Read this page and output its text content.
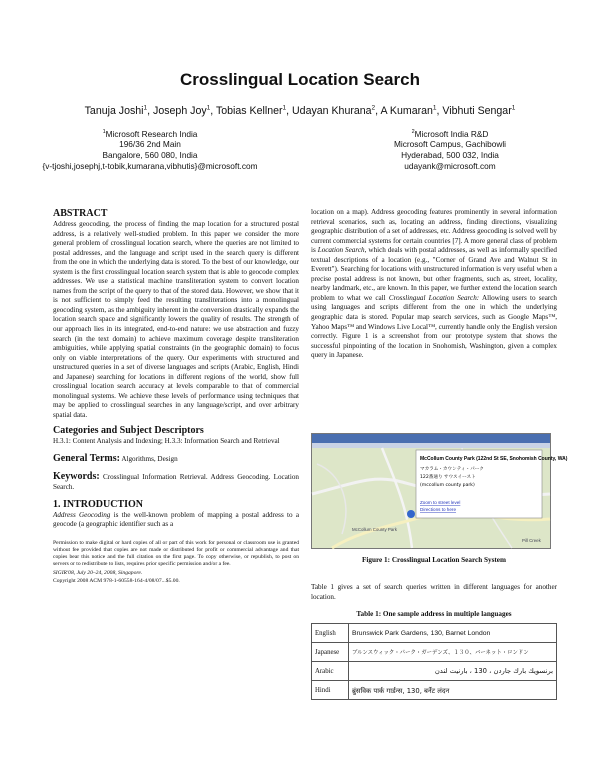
Crosslingual Location Search
Tanuja Joshi$^1$, Joseph Joy$^1$, Tobias Kellner$^1$, Udayan Khurana$^2$, A Kumaran$^1$, Vibhuti Sengar$^1$
$^1$Microsoft Research India
196/36 2nd Main
Bangalore, 560 080, India
{v-tjoshi,josephj,t-tobik,kumarana,vibhutis}@microsoft.com
$^2$Microsoft India R&D
Microsoft Campus, Gachibowli
Hyderabad, 500 032, India
udayank@microsoft.com
ABSTRACT

Address geocoding, the process of finding the map location for a structured postal address, is a relatively well-studied problem. In this paper we consider the more general problem of crosslingual location search, where the queries are not limited to postal addresses, and the language and script used in the search query is different from the one in which the underlying data is stored. To the best of our knowledge, our system is the first crosslingual location search system that is able to geocode complex addresses. We use a statistical machine transliteration system to convert location names from the script of the query to that of the stored data. However, we show that it is not sufficient to simply feed the resulting transliterations into a monolingual geocoding system, as the ambiguity inherent in the conversion drastically expands the location search space and significantly lowers the quality of results. The strength of our approach lies in its integrated, end-to-end nature: we use abstraction and fuzzy search (in the text domain) to achieve maximum coverage despite transliteration ambiguities, while applying spatial constraints (in the geographic domain) to focus only on viable interpretations of the query. Our experiments with structured and unstructured queries in a set of diverse languages and scripts (Arabic, English, Hindi and Japanese) searching for locations in different regions of the world, show full crosslingual location search accuracy at levels comparable to that of commercial monolingual systems. We achieve these levels of performance using techniques that may be applied to crosslingual searches in any language/script, and over arbitrary spatial data.

Categories and Subject Descriptors

H.3.1: Content Analysis and Indexing; H.3.3: Information Search and Retrieval

General Terms: Algorithms, Design
Keywords: Crosslingual Information Retrieval. Address Geocoding. Location Search.
1. INTRODUCTION

Address Geocoding is the well-known problem of mapping a postal address to a geocode (a geographic identifier such as a

Permission to make digital or hard copies of all or part of this work for personal or classroom use is granted without fee provided that copies are not made or distributed for profit or commercial advantage and that copies bear this notice and the full citation on the first page. To copy otherwise, or republish, to post on servers or to redistribute to lists, requires prior specific permission and/or a fee.

SIGIR'08, July 20–24, 2008, Singapore.

Copyright 2008 ACM 978-1-60558-164-4/08/07...$5.00.

location on a map). Address geocoding features prominently in several information retrieval scenarios, such as, locating an address, finding directions, visualizing geographic distribution of a set of addresses, etc. Address geocoding is solved well by current commercial systems for certain countries [7]. A more general class of problem is Location Search, which deals with postal addresses, as well as informally specified textual descriptions of a location (e.g., "Corner of Grand Ave and Walnut St in Everett"). Searching for locations with unstructured information is very useful when a precise postal address is not known, but other fragments, such as, street, locality, nearby landmark, etc., are known. In this paper, we further extend the location search problem to what we call Crosslingual Location Search: Allowing users to search using languages and scripts different from the one in which the underlying geographic data is stored. Popular map search services, such as Google Maps™, Yahoo Maps™ and Windows Live Local™, currently handle only the English version correctly. Figure 1 is a screenshot from our prototype system that shows the successful pinpointing of the location in Snohomish, Washington, given a complex query in Japanese.

McCollum County Park (122nd St SE, Snohomish County, WA)
マカラム・カウンティ・パーク
122番通り サウスイースト
(mccollum county park)
Zoom to street level
Directions to here
McCollum County Park
Pill Creek
Figure 1: Crosslingual Location Search System

Table 1 gives a set of search queries written in different languages for another location.

Table 1: One sample address in multiple languages
English	Brunswick Park Gardens, 130, Barnet London
Japanese	ブルンスウィック・パーク・ガーデンズ、１３０、バーネット・ロンドン
Arabic	برنسويك بارك جاردن ، 130 ، بارنيت لندن
Hindi	ब्रुंसविक पार्क गार्डन्स, 130, बर्नेट लंदन
